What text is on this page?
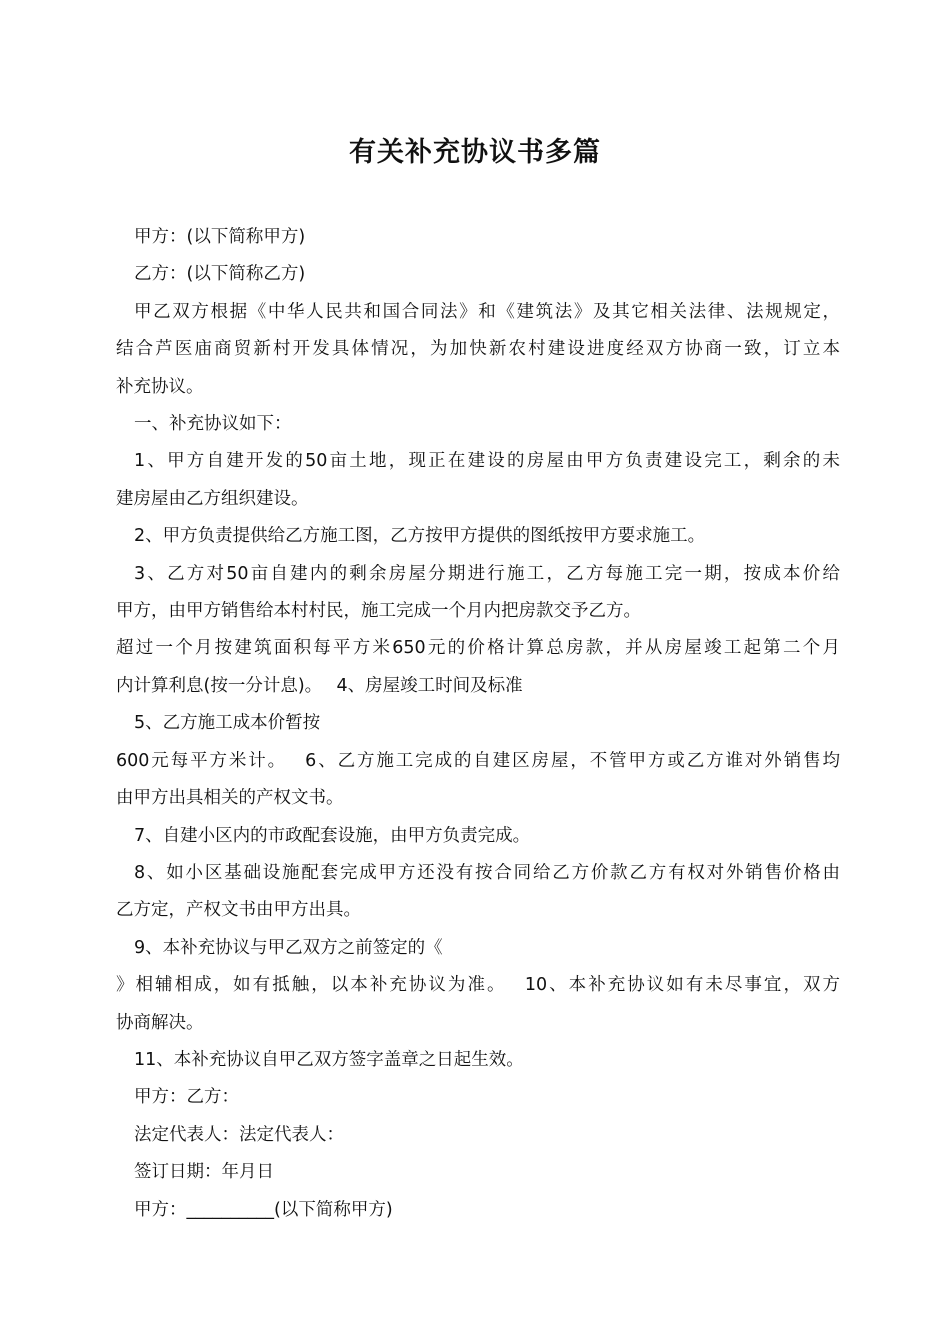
有关补充协议书多篇

甲方：(以下简称甲方)

乙方：(以下简称乙方)

甲乙双方根据《中华人民共和国合同法》和《建筑法》及其它相关法律、法规规定，

结合芦医庙商贸新村开发具体情况，为加快新农村建设进度经双方协商一致，订立本

补充协议。

一、补充协议如下：

1、甲方自建开发的50亩土地，现正在建设的房屋由甲方负责建设完工，剩余的未

建房屋由乙方组织建设。

2、甲方负责提供给乙方施工图，乙方按甲方提供的图纸按甲方要求施工。

3、乙方对50亩自建内的剩余房屋分期进行施工，乙方每施工完一期，按成本价给

甲方，由甲方销售给本村村民，施工完成一个月内把房款交予乙方。

超过一个月按建筑面积每平方米650元的价格计算总房款，并从房屋竣工起第二个月

内计算利息(按一分计息)。　 4、房屋竣工时间及标准

5、乙方施工成本价暂按

600元每平方米计。　 6、乙方施工完成的自建区房屋，不管甲方或乙方谁对外销售均

由甲方出具相关的产权文书。

7、自建小区内的市政配套设施，由甲方负责完成。

8、如小区基础设施配套完成甲方还没有按合同给乙方价款乙方有权对外销售价格由

乙方定，产权文书由甲方出具。

9、本补充协议与甲乙双方之前签定的《

》相辅相成，如有抵触，以本补充协议为准。　 10、本补充协议如有未尽事宜，双方

协商解决。

11、本补充协议自甲乙双方签字盖章之日起生效。

甲方：乙方：

法定代表人：法定代表人：

签订日期：年月日

甲方：__________(以下简称甲方)
